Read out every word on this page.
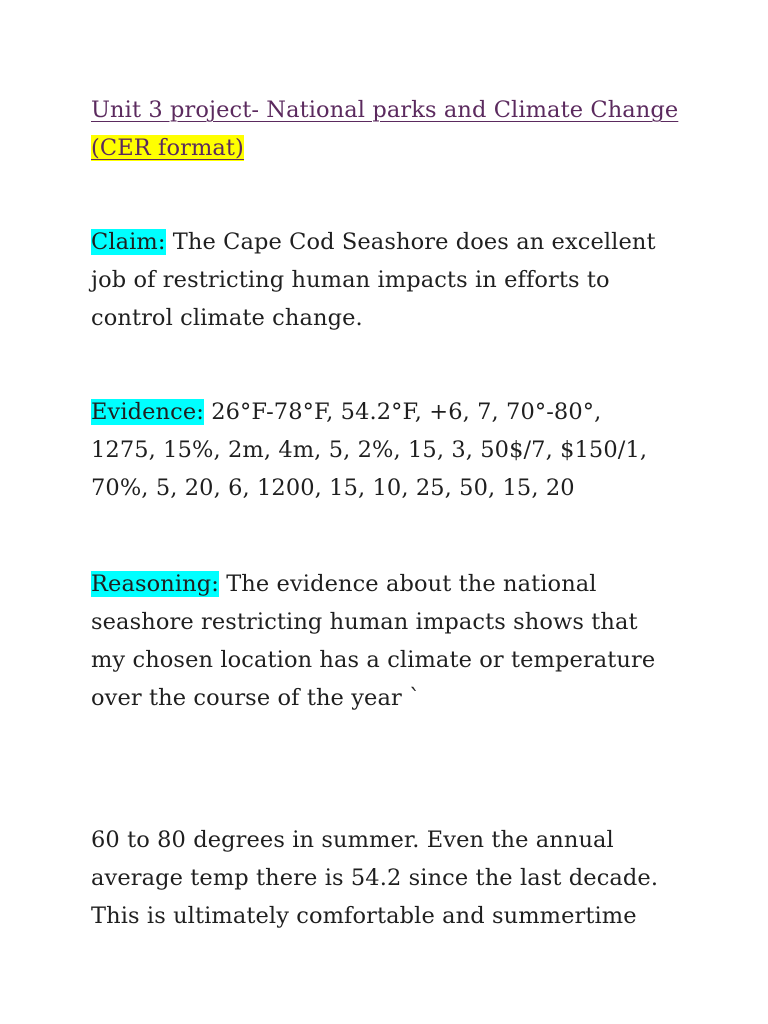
Unit 3 project- National parks and Climate Change
(CER format)

Claim: The Cape Cod Seashore does an excellent
job of restricting human impacts in efforts to
control climate change.

Evidence: 26°F-78°F, 54.2°F, +6, 7, 70°-80°,
1275, 15%, 2m, 4m, 5, 2%, 15, 3, 50$/7, $150/1,
70%, 5, 20, 6, 1200, 15, 10, 25, 50, 15, 20

Reasoning: The evidence about the national
seashore restricting human impacts shows that
my chosen location has a climate or temperature
over the course of the year `

60 to 80 degrees in summer. Even the annual
average temp there is 54.2 since the last decade.
This is ultimately comfortable and summertime
